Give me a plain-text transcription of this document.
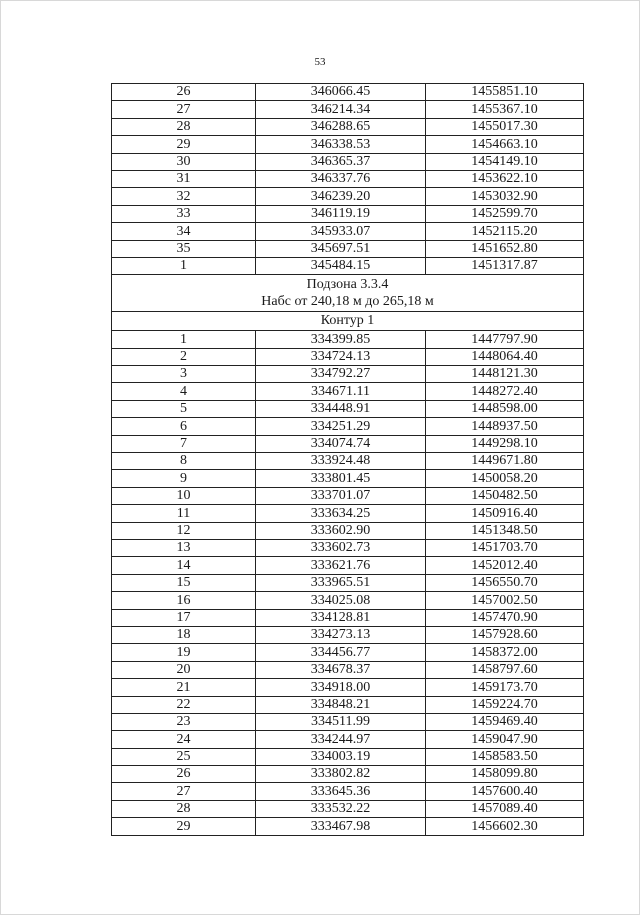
53
26	346066.45	1455851.10
27	346214.34	1455367.10
28	346288.65	1455017.30
29	346338.53	1454663.10
30	346365.37	1454149.10
31	346337.76	1453622.10
32	346239.20	1453032.90
33	346119.19	1452599.70
34	345933.07	1452115.20
35	345697.51	1451652.80
1	345484.15	1451317.87

Подзона 3.3.4
Набс от 240,18 м до 265,18 м		

Контур 1		
1	334399.85	1447797.90
2	334724.13	1448064.40
3	334792.27	1448121.30
4	334671.11	1448272.40
5	334448.91	1448598.00
6	334251.29	1448937.50
7	334074.74	1449298.10
8	333924.48	1449671.80
9	333801.45	1450058.20
10	333701.07	1450482.50
11	333634.25	1450916.40
12	333602.90	1451348.50
13	333602.73	1451703.70
14	333621.76	1452012.40
15	333965.51	1456550.70
16	334025.08	1457002.50
17	334128.81	1457470.90
18	334273.13	1457928.60
19	334456.77	1458372.00
20	334678.37	1458797.60
21	334918.00	1459173.70
22	334848.21	1459224.70
23	334511.99	1459469.40
24	334244.97	1459047.90
25	334003.19	1458583.50
26	333802.82	1458099.80
27	333645.36	1457600.40
28	333532.22	1457089.40
29	333467.98	1456602.30
